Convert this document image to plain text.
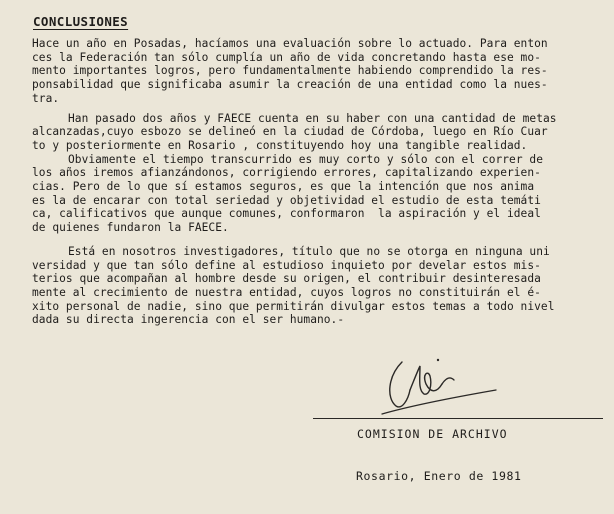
CONCLUSIONES
Hace un año en Posadas, hacíamos una evaluación sobre lo actuado. Para enton
ces la Federación tan sólo cumplía un año de vida concretando hasta ese mo-
mento importantes logros, pero fundamentalmente habiendo comprendido la res-
ponsabilidad que significaba asumir la creación de una entidad como la nues-
tra.
Han pasado dos años y FAECE cuenta en su haber con una cantidad de metas
alcanzadas,cuyo esbozo se delineó en la ciudad de Córdoba, luego en Río Cuar
to y posteriormente en Rosario , constituyendo hoy una tangible realidad.
Obviamente el tiempo transcurrido es muy corto y sólo con el correr de
los años iremos afianzándonos, corrigiendo errores, capitalizando experien-
cias. Pero de lo que sí estamos seguros, es que la intención que nos anima
es la de encarar con total seriedad y objetividad el estudio de esta temáti
ca, calificativos que aunque comunes, conformaron  la aspiración y el ideal
de quienes fundaron la FAECE.
Está en nosotros investigadores, título que no se otorga en ninguna uni
versidad y que tan sólo define al estudioso inquieto por develar estos mis-
terios que acompañan al hombre desde su origen, el contribuir desinteresada
mente al crecimiento de nuestra entidad, cuyos logros no constituirán el é-
xito personal de nadie, sino que permitirán divulgar estos temas a todo nivel
dada su directa ingerencia con el ser humano.-
COMISION DE ARCHIVO
Rosario, Enero de 1981
